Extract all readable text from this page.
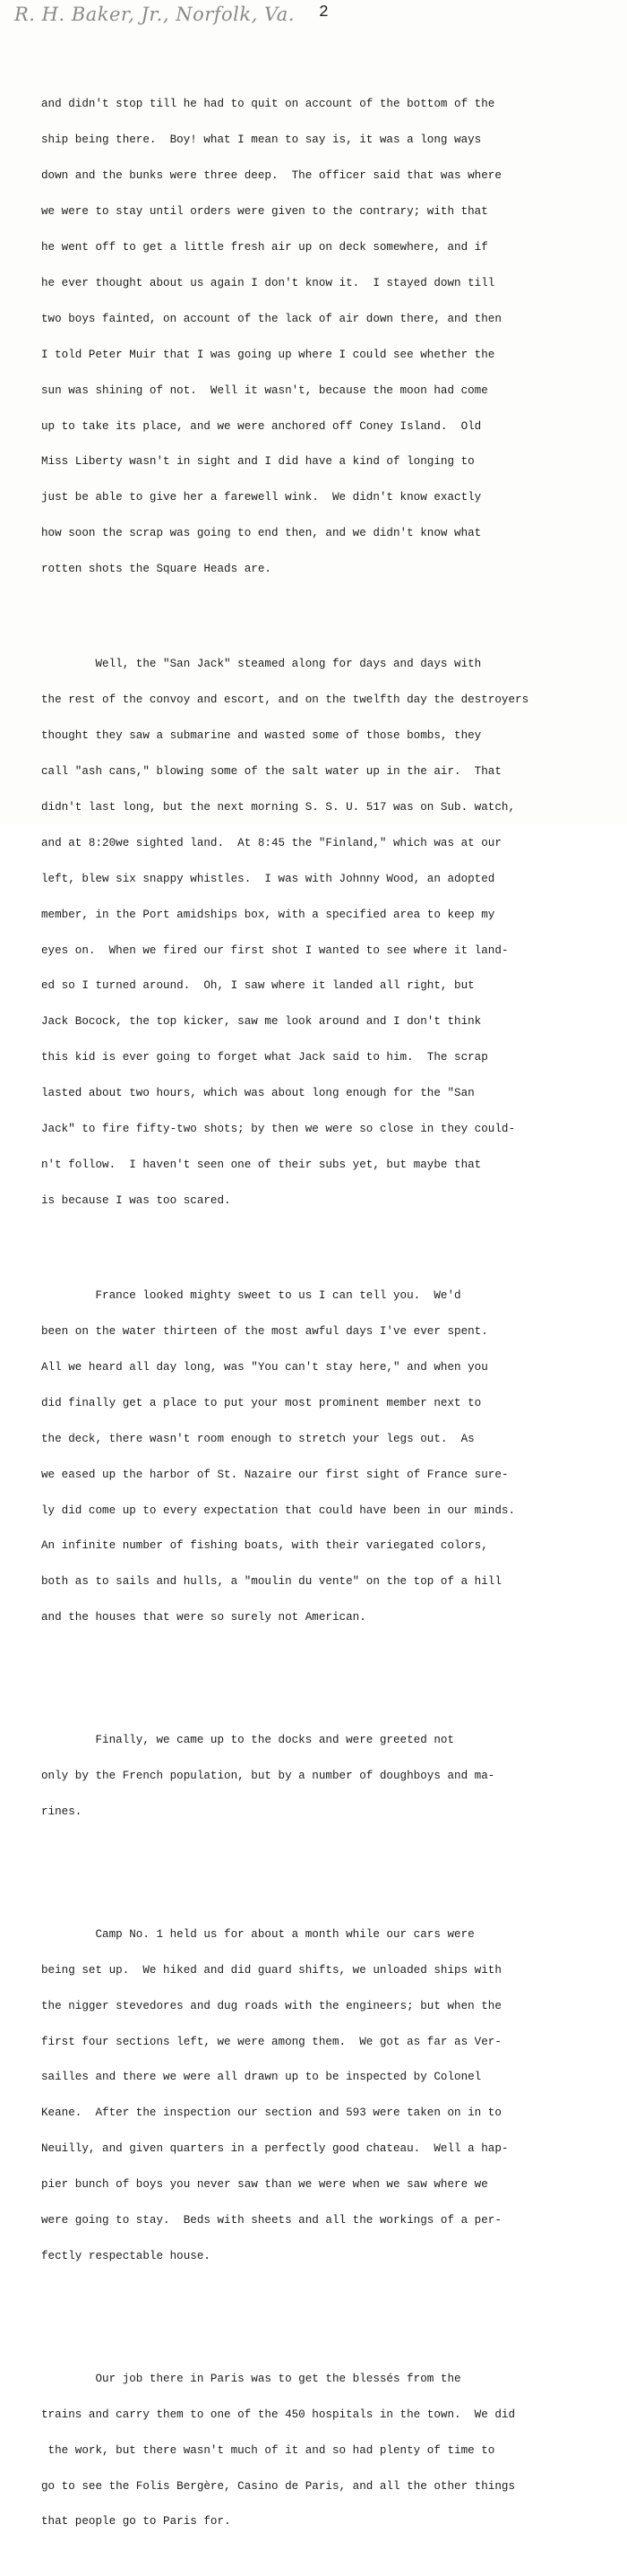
R. H. Baker, Jr., Norfolk, Va. 2

and didn't stop till he had to quit on account of the bottom of the

ship being there.  Boy! what I mean to say is, it was a long ways

down and the bunks were three deep.  The officer said that was where

we were to stay until orders were given to the contrary; with that

he went off to get a little fresh air up on deck somewhere, and if

he ever thought about us again I don't know it.  I stayed down till

two boys fainted, on account of the lack of air down there, and then

I told Peter Muir that I was going up where I could see whether the

sun was shining of not.  Well it wasn't, because the moon had come

up to take its place, and we were anchored off Coney Island.  Old

Miss Liberty wasn't in sight and I did have a kind of longing to

just be able to give her a farewell wink.  We didn't know exactly

how soon the scrap was going to end then, and we didn't know what

rotten shots the Square Heads are.

Well, the "San Jack" steamed along for days and days with

the rest of the convoy and escort, and on the twelfth day the destroyers

thought they saw a submarine and wasted some of those bombs, they

call "ash cans," blowing some of the salt water up in the air.  That

didn't last long, but the next morning S. S. U. 517 was on Sub. watch,

and at 8:20we sighted land.  At 8:45 the "Finland," which was at our

left, blew six snappy whistles.  I was with Johnny Wood, an adopted

member, in the Port amidships box, with a specified area to keep my

eyes on.  When we fired our first shot I wanted to see where it land-

ed so I turned around.  Oh, I saw where it landed all right, but

Jack Bocock, the top kicker, saw me look around and I don't think

this kid is ever going to forget what Jack said to him.  The scrap

lasted about two hours, which was about long enough for the "San

Jack" to fire fifty-two shots; by then we were so close in they could-

n't follow.  I haven't seen one of their subs yet, but maybe that

is because I was too scared.

France looked mighty sweet to us I can tell you.  We'd

been on the water thirteen of the most awful days I've ever spent.

All we heard all day long, was "You can't stay here," and when you

did finally get a place to put your most prominent member next to

the deck, there wasn't room enough to stretch your legs out.  As

we eased up the harbor of St. Nazaire our first sight of France sure-

ly did come up to every expectation that could have been in our minds.

An infinite number of fishing boats, with their variegated colors,

both as to sails and hulls, a "moulin du vente" on the top of a hill

and the houses that were so surely not American.

Finally, we came up to the docks and were greeted not

only by the French population, but by a number of doughboys and ma-

rines.

Camp No. 1 held us for about a month while our cars were

being set up.  We hiked and did guard shifts, we unloaded ships with

the nigger stevedores and dug roads with the engineers; but when the

first four sections left, we were among them.  We got as far as Ver-

sailles and there we were all drawn up to be inspected by Colonel

Keane.  After the inspection our section and 593 were taken on in to

Neuilly, and given quarters in a perfectly good chateau.  Well a hap-

pier bunch of boys you never saw than we were when we saw where we

were going to stay.  Beds with sheets and all the workings of a per-

fectly respectable house.

Our job there in Paris was to get the blessés from the

trains and carry them to one of the 450 hospitals in the town.  We did

the work, but there wasn't much of it and so had plenty of time to

go to see the Folis Bergère, Casino de Paris, and all the other things

that people go to Paris for.
